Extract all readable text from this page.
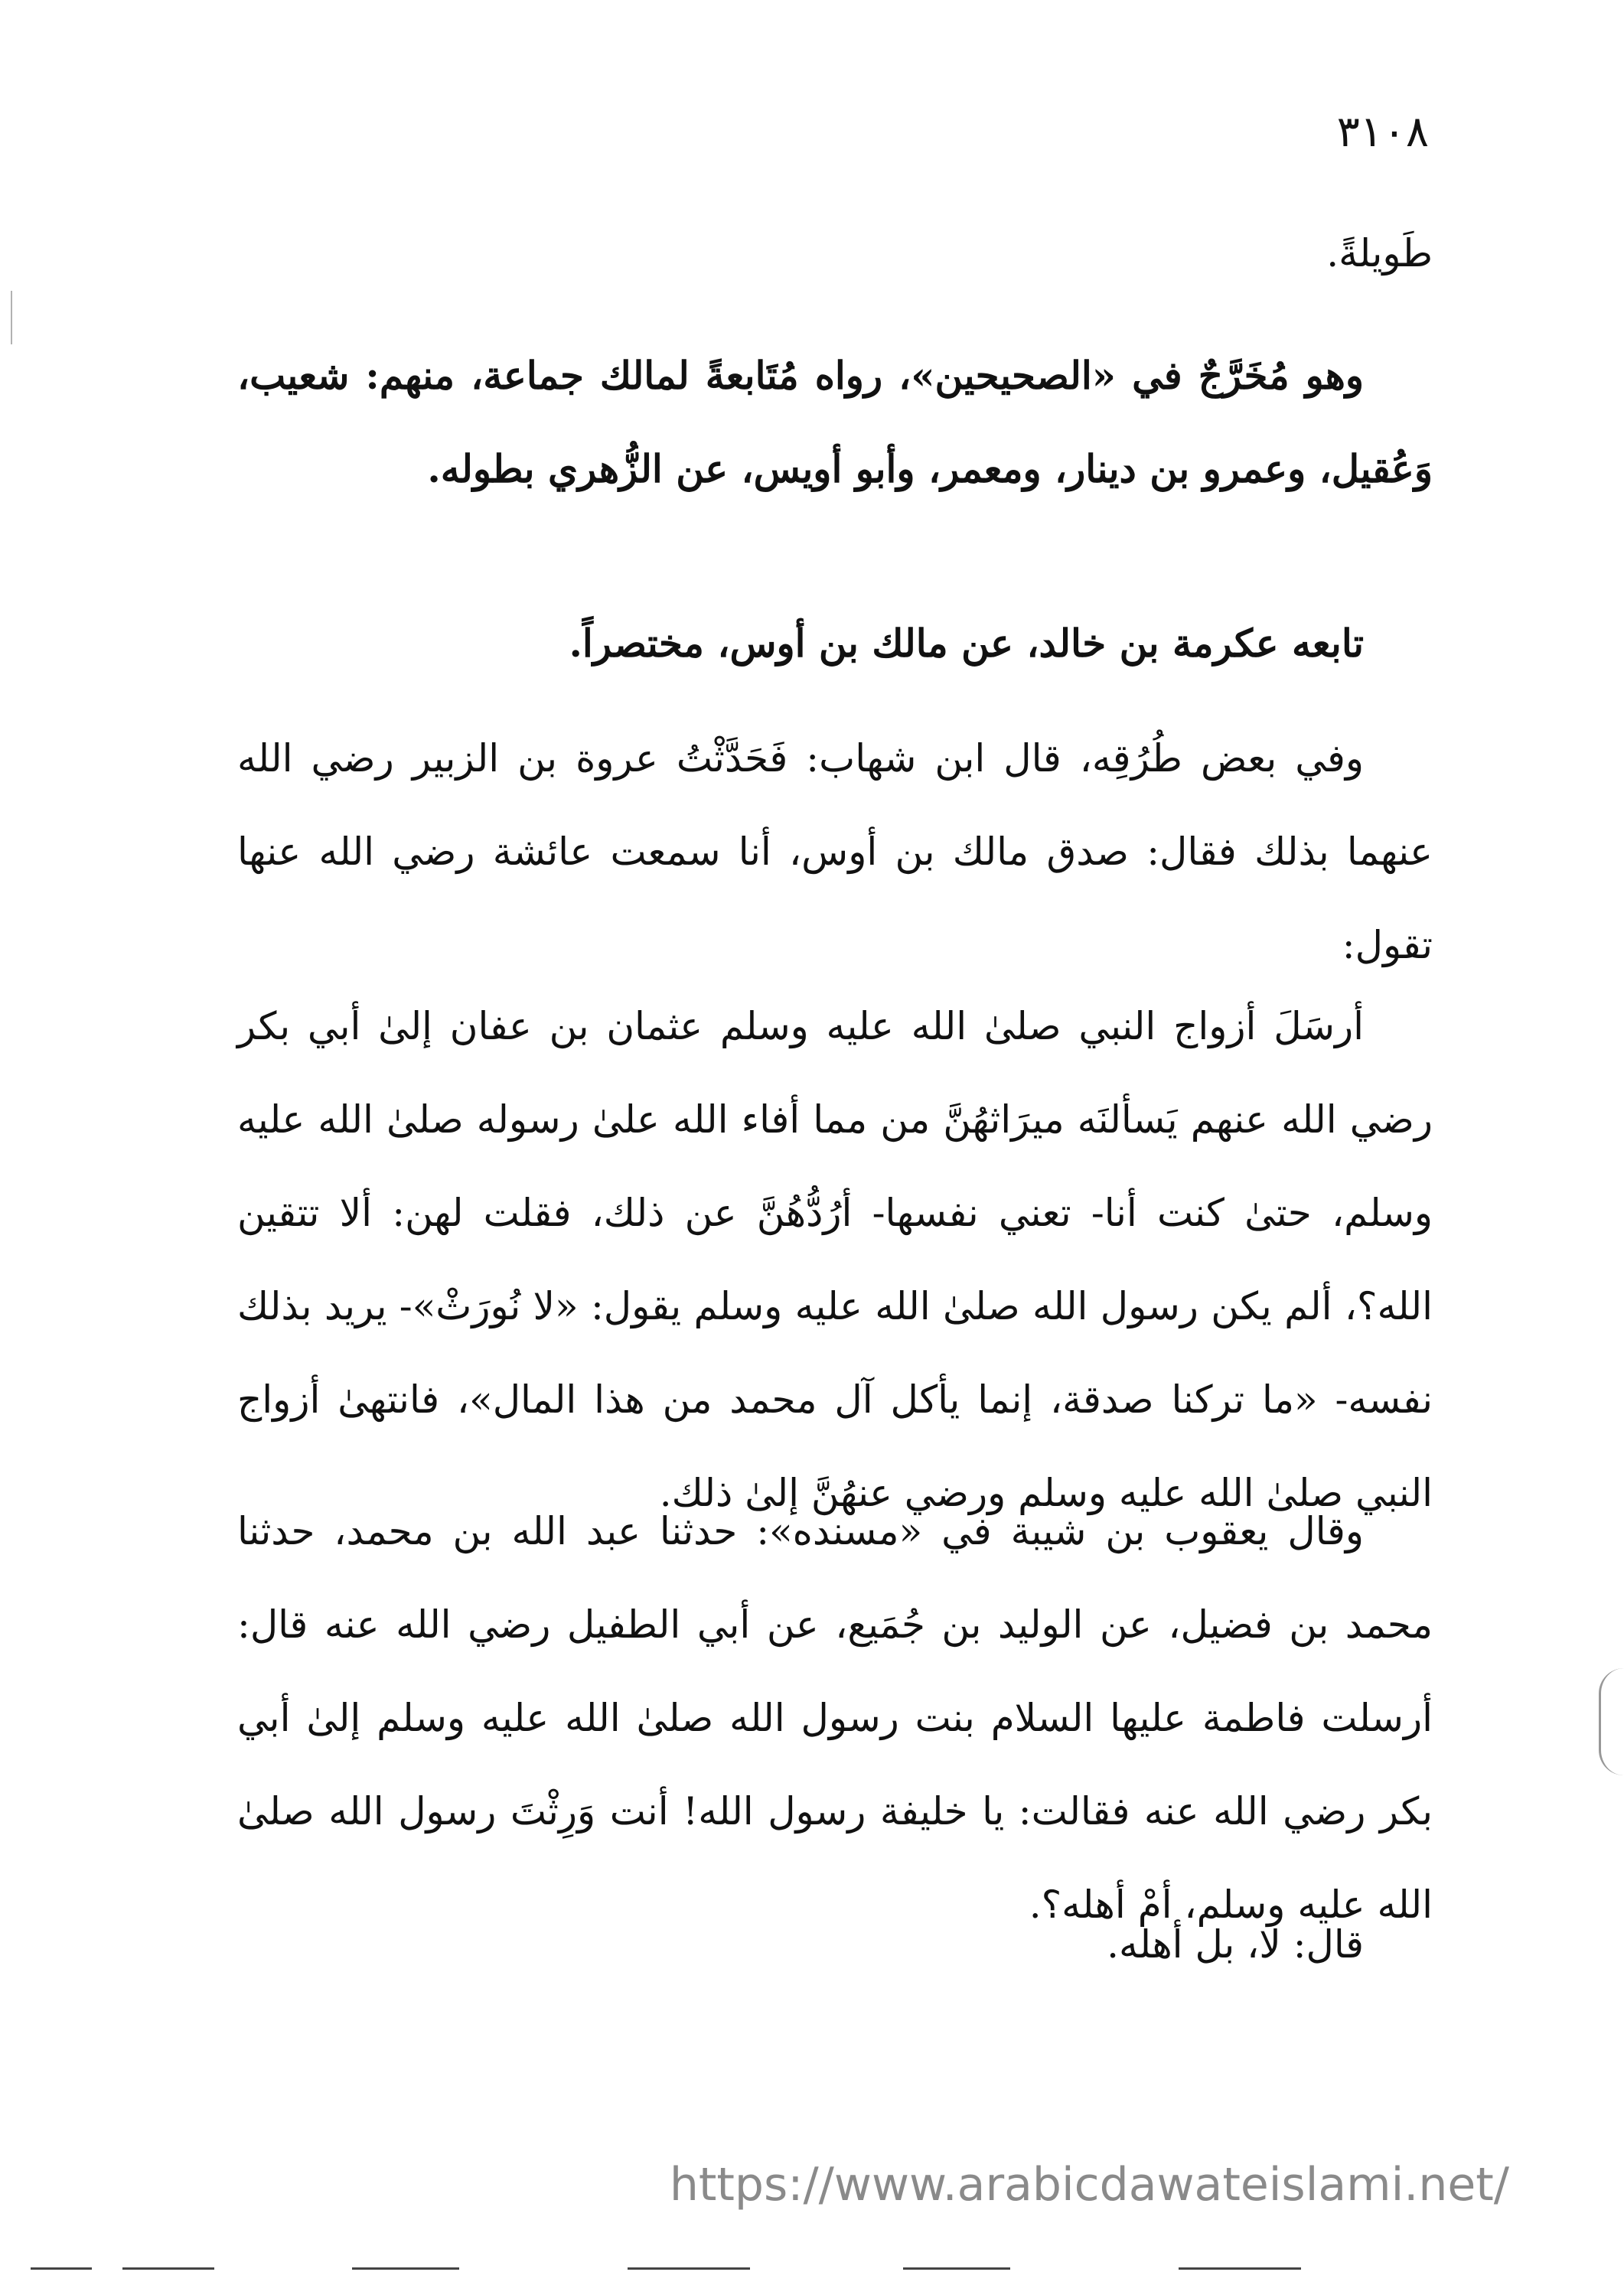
٣١٠٨

طَويلةً.

وهو مُخَرَّجٌ في «الصحيحين»، رواه مُتَابعةً لمالك جماعة، منهم: شعيب، وَعُقيل، وعمرو بن دينار، ومعمر، وأبو أويس، عن الزُّهري بطوله.

تابعه عكرمة بن خالد، عن مالك بن أوس، مختصراً.

وفي بعض طُرُقِه، قال ابن شهاب: فَحَدَّثْتُ عروة بن الزبير رضي الله عنهما بذلك فقال: صدق مالك بن أوس، أنا سمعت عائشة رضي الله عنها تقول:

أرسَلَ أزواج النبي صلىٰ الله عليه وسلم عثمان بن عفان إلىٰ أبي بكر رضي الله عنهم يَسألنَه ميرَاثهُنَّ من مما أفاء الله علىٰ رسوله صلىٰ الله عليه وسلم، حتىٰ كنت أنا- تعني نفسها- أرُدُّهُنَّ عن ذلك، فقلت لهن: ألا تتقين الله؟، ألم يكن رسول الله صلىٰ الله عليه وسلم يقول: «لا نُورَثْ»- يريد بذلك نفسه- «ما تركنا صدقة، إنما يأكل آل محمد من هذا المال»، فانتهىٰ أزواج النبي صلىٰ الله عليه وسلم ورضي عنهُنَّ إلىٰ ذلك.

وقال يعقوب بن شيبة في «مسنده»: حدثنا عبد الله بن محمد، حدثنا محمد بن فضيل، عن الوليد بن جُمَيع، عن أبي الطفيل رضي الله عنه قال: أرسلت فاطمة عليها السلام بنت رسول الله صلىٰ الله عليه وسلم إلىٰ أبي بكر رضي الله عنه فقالت: يا خليفة رسول الله! أنت وَرِثْتَ رسول الله صلىٰ الله عليه وسلم، أمْ أهله؟.

قال: لا، بل أهله.

https://www.arabicdawateislami.net/
